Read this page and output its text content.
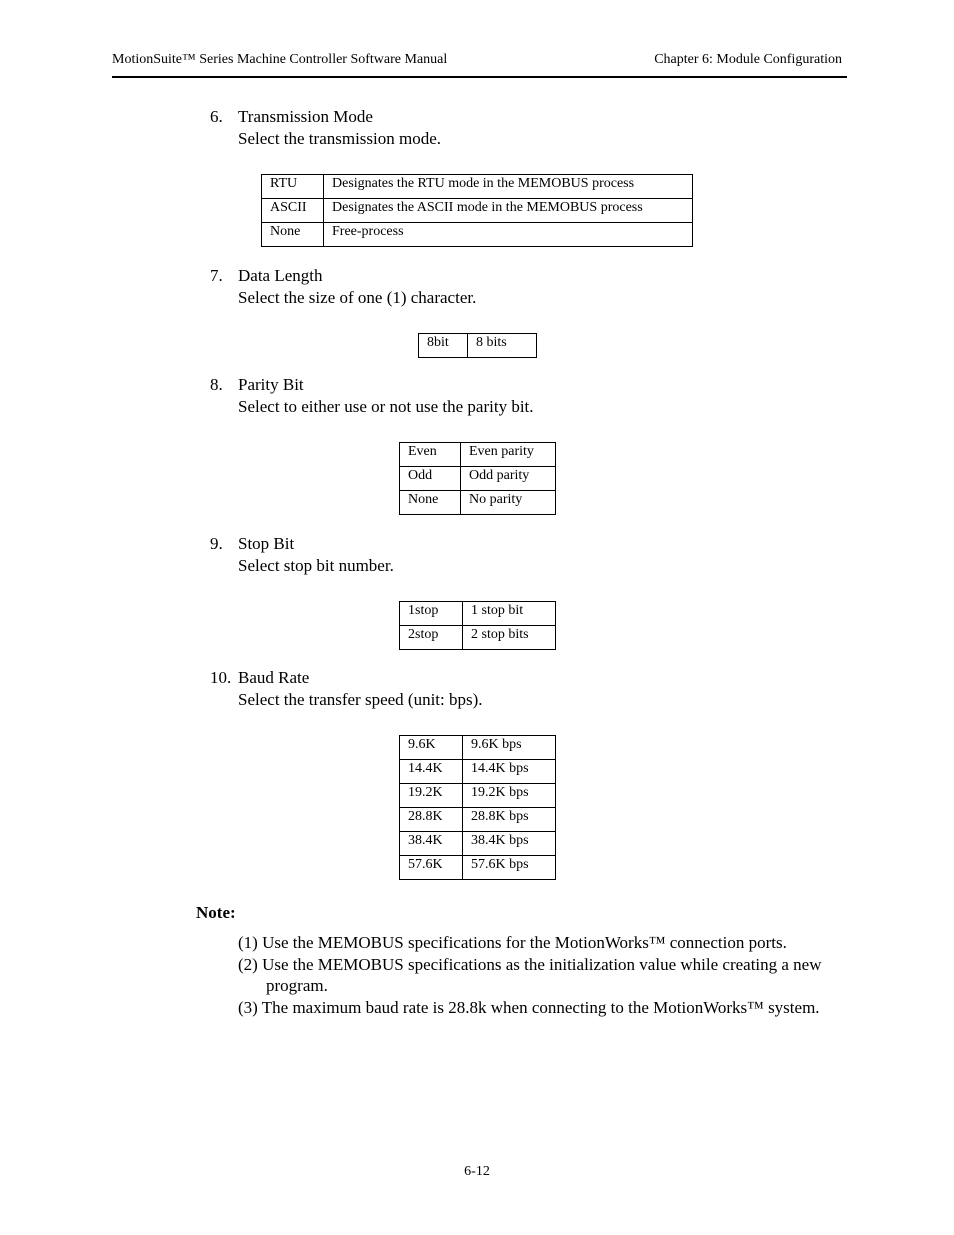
MotionSuite™ Series Machine Controller Software Manual	Chapter 6: Module Configuration
6. Transmission Mode
Select the transmission mode.
RTU	Designates the RTU mode in the MEMOBUS process
ASCII	Designates the ASCII mode in the MEMOBUS process
None	Free-process
7. Data Length
Select the size of one (1) character.
8bit	8 bits
8. Parity Bit
Select to either use or not use the parity bit.
Even	Even parity
Odd	Odd parity
None	No parity
9. Stop Bit
Select stop bit number.
1stop	1 stop bit
2stop	2 stop bits
10. Baud Rate
Select the transfer speed (unit: bps).
9.6K	9.6K bps
14.4K	14.4K bps
19.2K	19.2K bps
28.8K	28.8K bps
38.4K	38.4K bps
57.6K	57.6K bps
Note:
(1) Use the MEMOBUS specifications for the MotionWorks™ connection ports.
(2) Use the MEMOBUS specifications as the initialization value while creating a new program.
(3) The maximum baud rate is 28.8k when connecting to the MotionWorks™ system.
6-12
